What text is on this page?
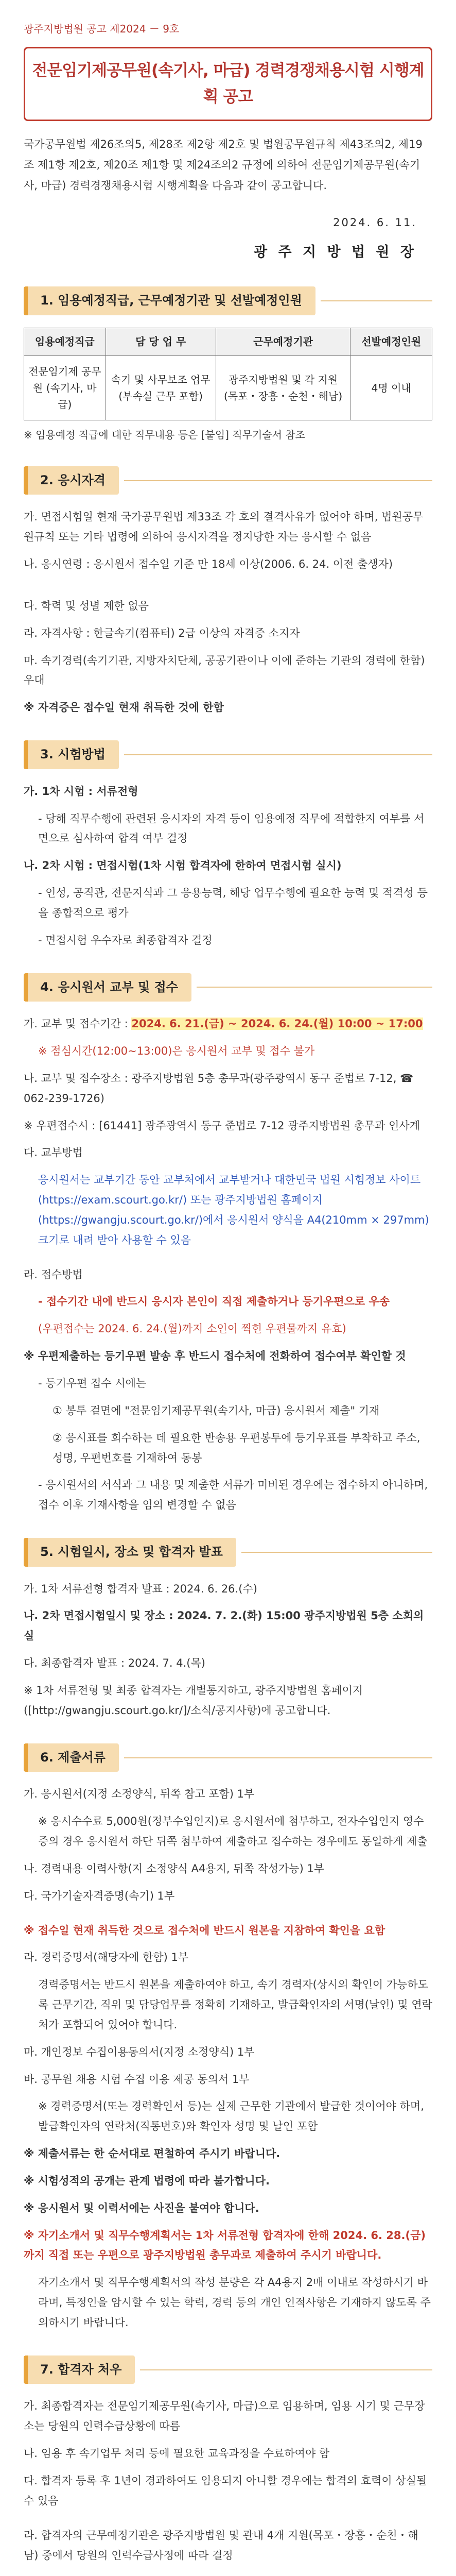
광주지방법원 공고 제2024 － 9호
전문임기제공무원(속기사, 마급) 경력경쟁채용시험 시행계획 공고

국가공무원법 제26조의5, 제28조 제2항 제2호 및 법원공무원규칙 제43조의2, 제19조 제1항 제2호, 제20조 제1항 및 제24조의2 규정에 의하여 전문임기제공무원(속기사, 마급) 경력경쟁채용시험 시행계획을 다음과 같이 공고합니다.

2024. 6. 11.
광 주 지 방 법 원 장
1. 임용예정직급, 근무예정기관 및 선발예정인원
임용예정직급	담 당 업 무	근무예정기관	선발예정인원
전문임기제 공무원 (속기사, 마급)	속기 및 사무보조 업무 (부속실 근무 포함)	광주지방법원 및 각 지원 (목포・장흥・순천・해남)	4명 이내

※ 임용예정 직급에 대한 직무내용 등은 [붙임] 직무기술서 참조

2. 응시자격

가. 면접시험일 현재 국가공무원법 제33조 각 호의 결격사유가 없어야 하며, 법원공무원규칙 또는 기타 법령에 의하여 응시자격을 정지당한 자는 응시할 수 없음

나. 응시연령 : 응시원서 접수일 기준 만 18세 이상(2006. 6. 24. 이전 출생자)

다. 학력 및 성별 제한 없음

라. 자격사항 : 한글속기(컴퓨터) 2급 이상의 자격증 소지자

마. 속기경력(속기기관, 지방자치단체, 공공기관이나 이에 준하는 기관의 경력에 한함)우대

※ 자격증은 접수일 현재 취득한 것에 한함

3. 시험방법

가. 1차 시험 : 서류전형

- 당해 직무수행에 관련된 응시자의 자격 등이 임용예정 직무에 적합한지 여부를 서면으로 심사하여 합격 여부 결정

나. 2차 시험 : 면접시험(1차 시험 합격자에 한하여 면접시험 실시)

- 인성, 공직관, 전문지식과 그 응용능력, 해당 업무수행에 필요한 능력 및 적격성 등을 종합적으로 평가

- 면접시험 우수자로 최종합격자 결정

4. 응시원서 교부 및 접수

가. 교부 및 접수기간 : 2024. 6. 21.(금) ~ 2024. 6. 24.(월) 10:00 ~ 17:00

※ 점심시간(12:00~13:00)은 응시원서 교부 및 접수 불가

나. 교부 및 접수장소 : 광주지방법원 5층 총무과(광주광역시 동구 준법로 7-12, ☎ 062-239-1726)

※ 우편접수시 : [61441] 광주광역시 동구 준법로 7-12 광주지방법원 총무과 인사계

다. 교부방법

응시원서는 교부기간 동안 교부처에서 교부받거나 대한민국 법원 시험정보 사이트(https://exam.scourt.go.kr/) 또는 광주지방법원 홈페이지(https://gwangju.scourt.go.kr/)에서 응시원서 양식을 A4(210mm × 297mm) 크기로 내려 받아 사용할 수 있음

라. 접수방법

- 접수기간 내에 반드시 응시자 본인이 직접 제출하거나 등기우편으로 우송

(우편접수는 2024. 6. 24.(월)까지 소인이 찍힌 우편물까지 유효)

※ 우편제출하는 등기우편 발송 후 반드시 접수처에 전화하여 접수여부 확인할 것

- 등기우편 접수 시에는

① 봉투 겉면에 "전문임기제공무원(속기사, 마급) 응시원서 제출" 기재

② 응시표를 회수하는 데 필요한 반송용 우편봉투에 등기우표를 부착하고 주소, 성명, 우편번호를 기재하여 동봉

- 응시원서의 서식과 그 내용 및 제출한 서류가 미비된 경우에는 접수하지 아니하며, 접수 이후 기재사항을 임의 변경할 수 없음

5. 시험일시, 장소 및 합격자 발표

가. 1차 서류전형 합격자 발표 : 2024. 6. 26.(수)

나. 2차 면접시험일시 및 장소 : 2024. 7. 2.(화) 15:00 광주지방법원 5층 소회의실

다. 최종합격자 발표 : 2024. 7. 4.(목)

※ 1차 서류전형 및 최종 합격자는 개별통지하고, 광주지방법원 홈페이지([http://gwangju.scourt.go.kr/]/소식/공지사항)에 공고합니다.

6. 제출서류

가. 응시원서(지정 소정양식, 뒤쪽 참고 포함) 1부

※ 응시수수료 5,000원(정부수입인지)로 응시원서에 첨부하고, 전자수입인지 영수증의 경우 응시원서 하단 뒤쪽 첨부하여 제출하고 접수하는 경우에도 동일하게 제출

나. 경력내용 이력사항(지 소정양식 A4용지, 뒤쪽 작성가능) 1부

다. 국가기술자격증명(속기) 1부

※ 접수일 현재 취득한 것으로 접수처에 반드시 원본을 지참하여 확인을 요함

라. 경력증명서(해당자에 한함) 1부

경력증명서는 반드시 원본을 제출하여야 하고, 속기 경력자(상시의 확인이 가능하도록 근무기간, 직위 및 담당업무를 정확히 기재하고, 발급확인자의 서명(날인) 및 연락처가 포함되어 있어야 합니다.

마. 개인정보 수집이용동의서(지정 소정양식) 1부

바. 공무원 채용 시험 수집 이용 제공 동의서 1부

※ 경력증명서(또는 경력확인서 등)는 실제 근무한 기관에서 발급한 것이어야 하며, 발급확인자의 연락처(직통번호)와 확인자 성명 및 날인 포함

※ 제출서류는 한 순서대로 편철하여 주시기 바랍니다.

※ 시험성적의 공개는 관계 법령에 따라 불가합니다.

※ 응시원서 및 이력서에는 사진을 붙여야 합니다.

※ 자기소개서 및 직무수행계획서는 1차 서류전형 합격자에 한해 2024. 6. 28.(금)까지 직접 또는 우편으로 광주지방법원 총무과로 제출하여 주시기 바랍니다.

자기소개서 및 직무수행계획서의 작성 분량은 각 A4용지 2매 이내로 작성하시기 바라며, 특정인을 암시할 수 있는 학력, 경력 등의 개인 인적사항은 기재하지 않도록 주의하시기 바랍니다.

7. 합격자 처우

가. 최종합격자는 전문임기제공무원(속기사, 마급)으로 임용하며, 임용 시기 및 근무장소는 당원의 인력수급상황에 따름

나. 임용 후 속기업무 처리 등에 필요한 교육과정을 수료하여야 함

다. 합격자 등록 후 1년이 경과하여도 임용되지 아니할 경우에는 합격의 효력이 상실될 수 있음

라. 합격자의 근무예정기관은 광주지방법원 및 관내 4개 지원(목포・장흥・순천・해남) 중에서 당원의 인력수급사정에 따라 결정
